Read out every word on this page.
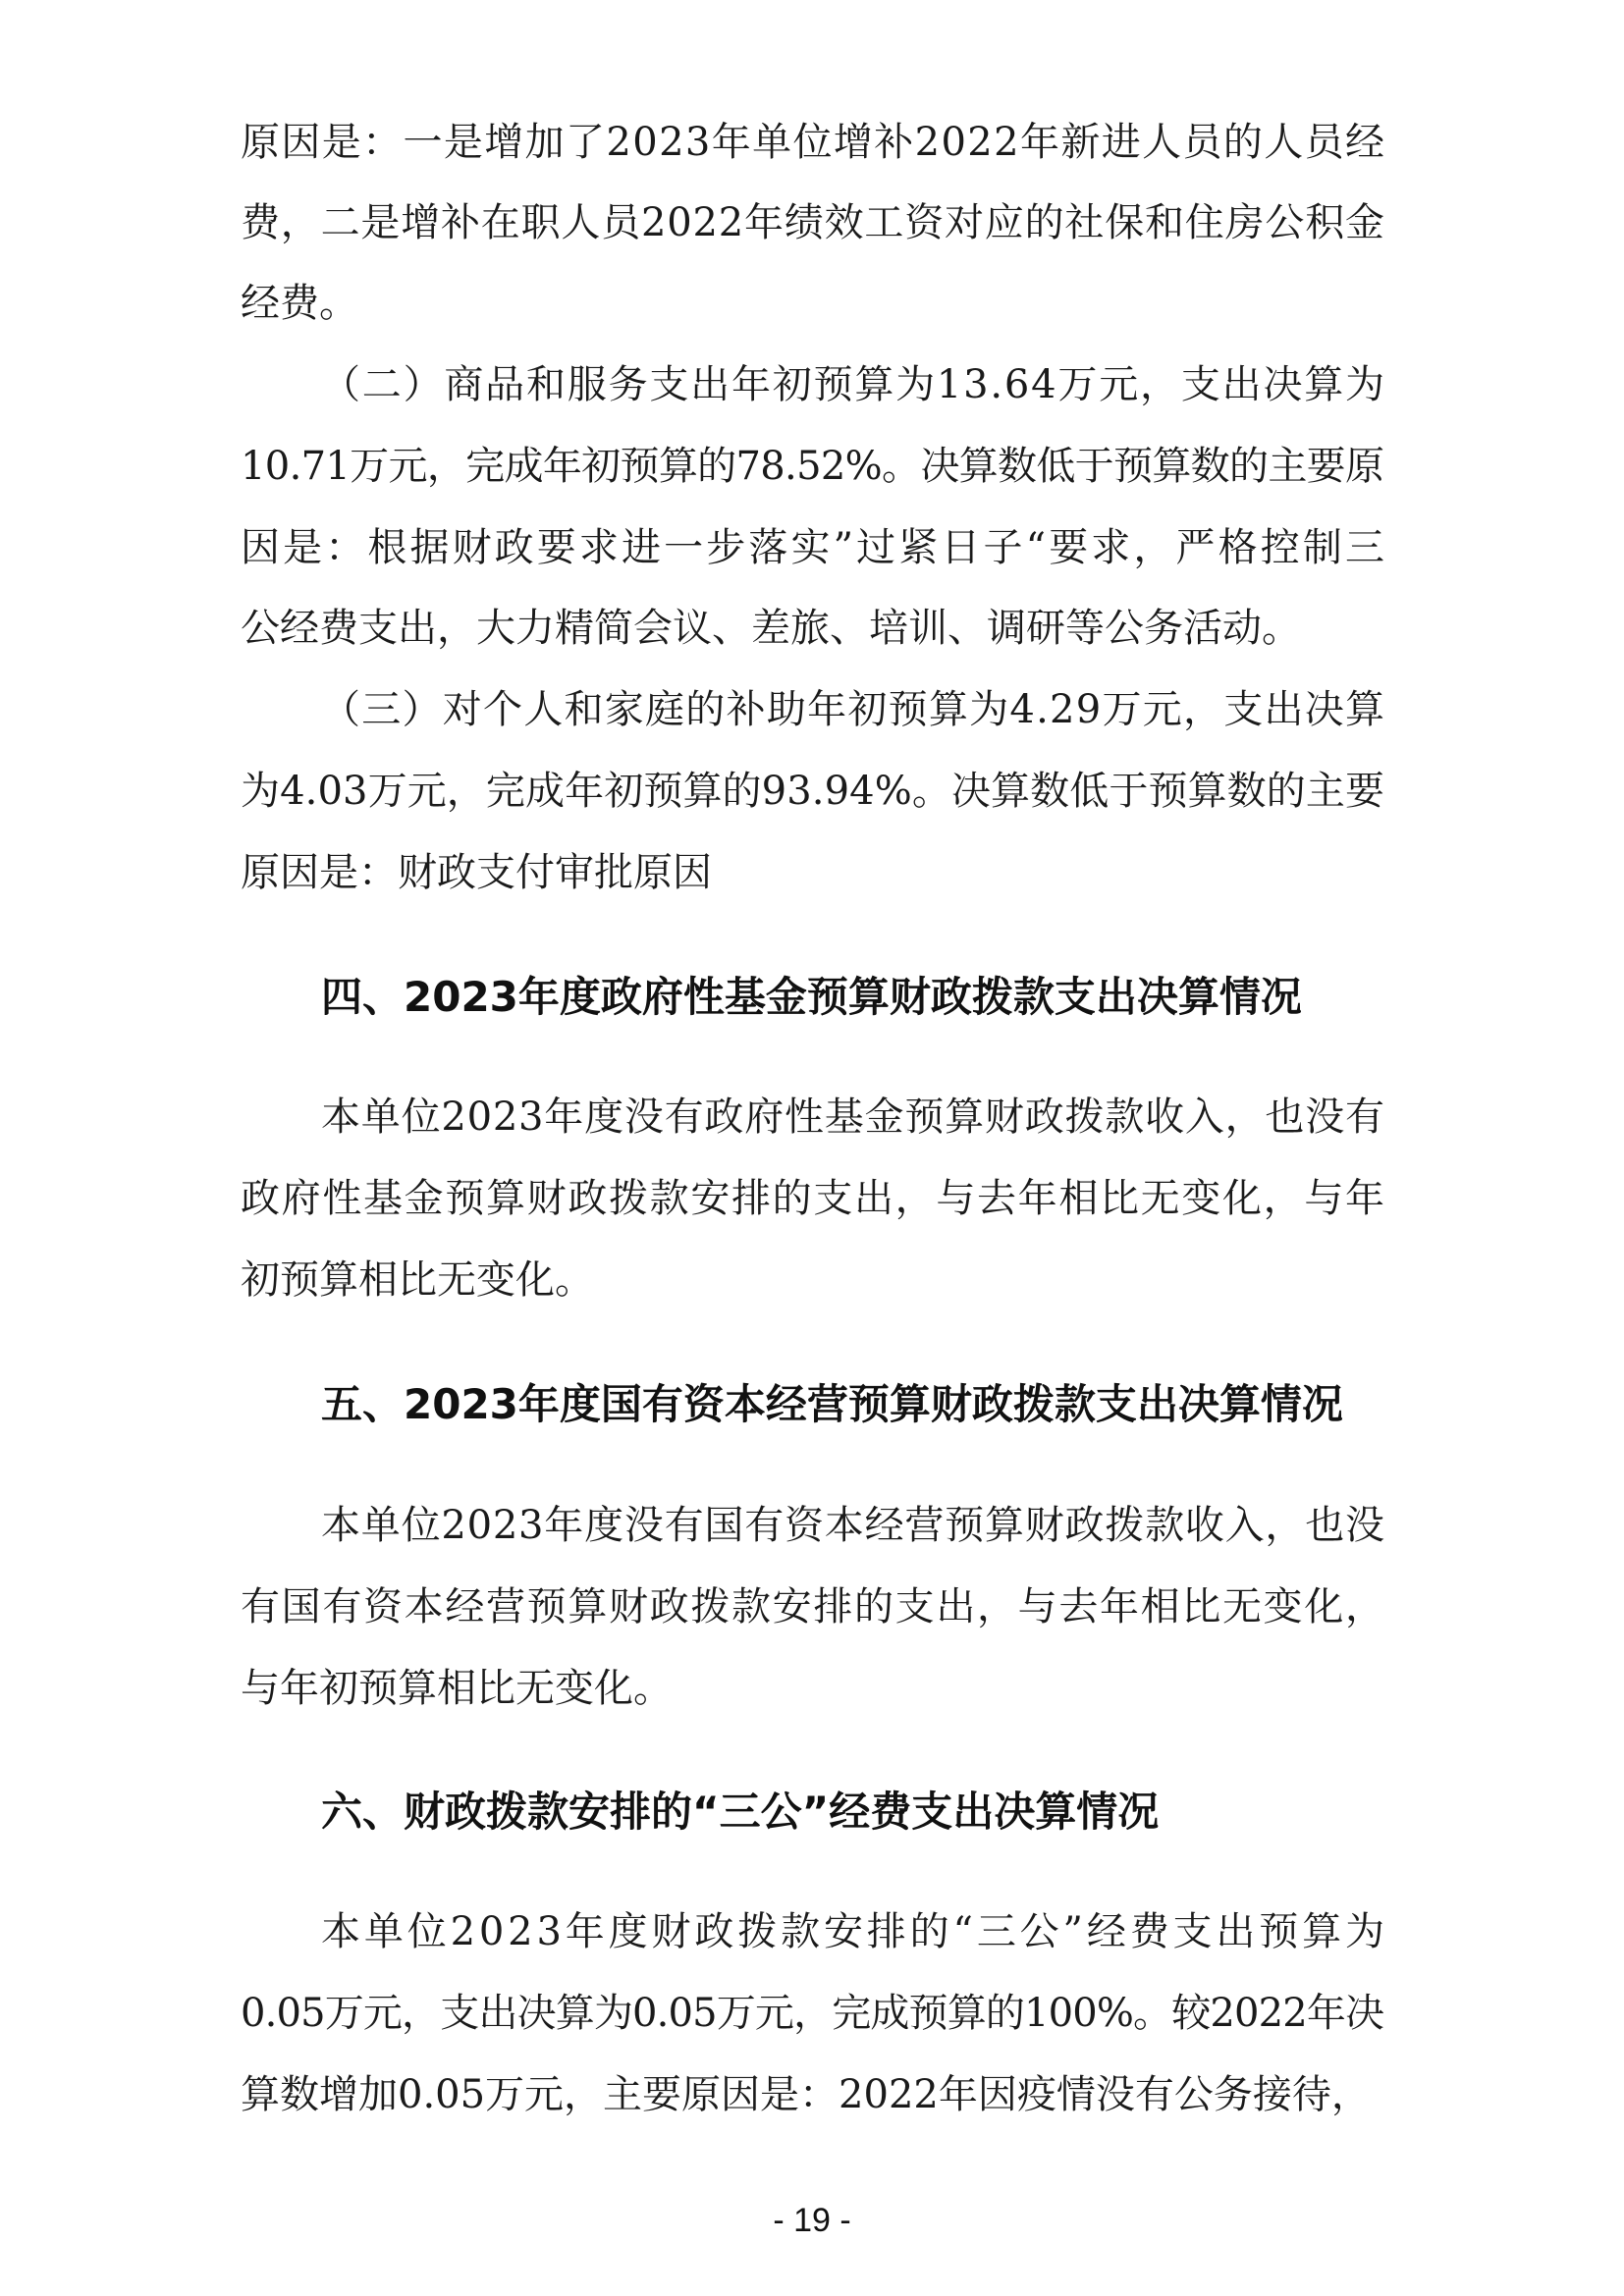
原因是：一是增加了2023年单位增补2022年新进人员的人员经
费，二是增补在职人员2022年绩效工资对应的社保和住房公积金
经费。
（二）商品和服务支出年初预算为13.64万元，支出决算为
10.71万元，完成年初预算的78.52%。决算数低于预算数的主要原
因是：根据财政要求进一步落实”过紧日子“要求，严格控制三
公经费支出，大力精简会议、差旅、培训、调研等公务活动。
（三）对个人和家庭的补助年初预算为4.29万元，支出决算
为4.03万元，完成年初预算的93.94%。决算数低于预算数的主要
原因是：财政支付审批原因
四、2023年度政府性基金预算财政拨款支出决算情况
本单位2023年度没有政府性基金预算财政拨款收入，也没有
政府性基金预算财政拨款安排的支出，与去年相比无变化，与年
初预算相比无变化。
五、2023年度国有资本经营预算财政拨款支出决算情况
本单位2023年度没有国有资本经营预算财政拨款收入，也没
有国有资本经营预算财政拨款安排的支出，与去年相比无变化，
与年初预算相比无变化。
六、财政拨款安排的“三公”经费支出决算情况
本单位2023年度财政拨款安排的“三公”经费支出预算为
0.05万元，支出决算为0.05万元，完成预算的100%。较2022年决
算数增加0.05万元，主要原因是：2022年因疫情没有公务接待，
- 19 -
